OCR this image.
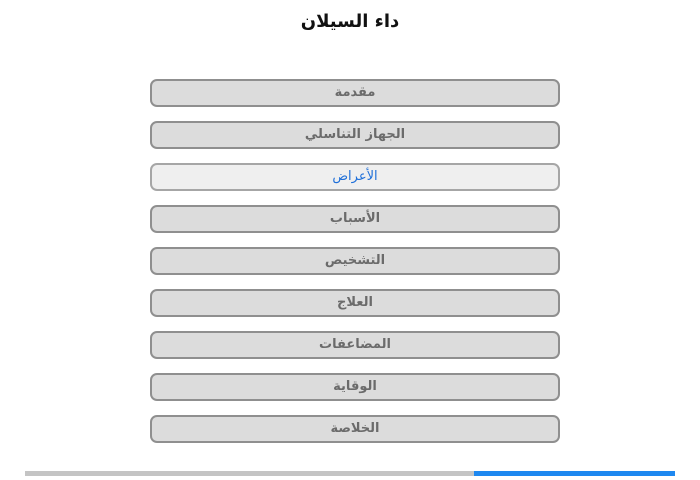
داء السيلان
مقدمة
الجهاز التناسلي
الأعراض
الأسباب
التشخيص
العلاج
المضاعفات
الوقاية
الخلاصة
